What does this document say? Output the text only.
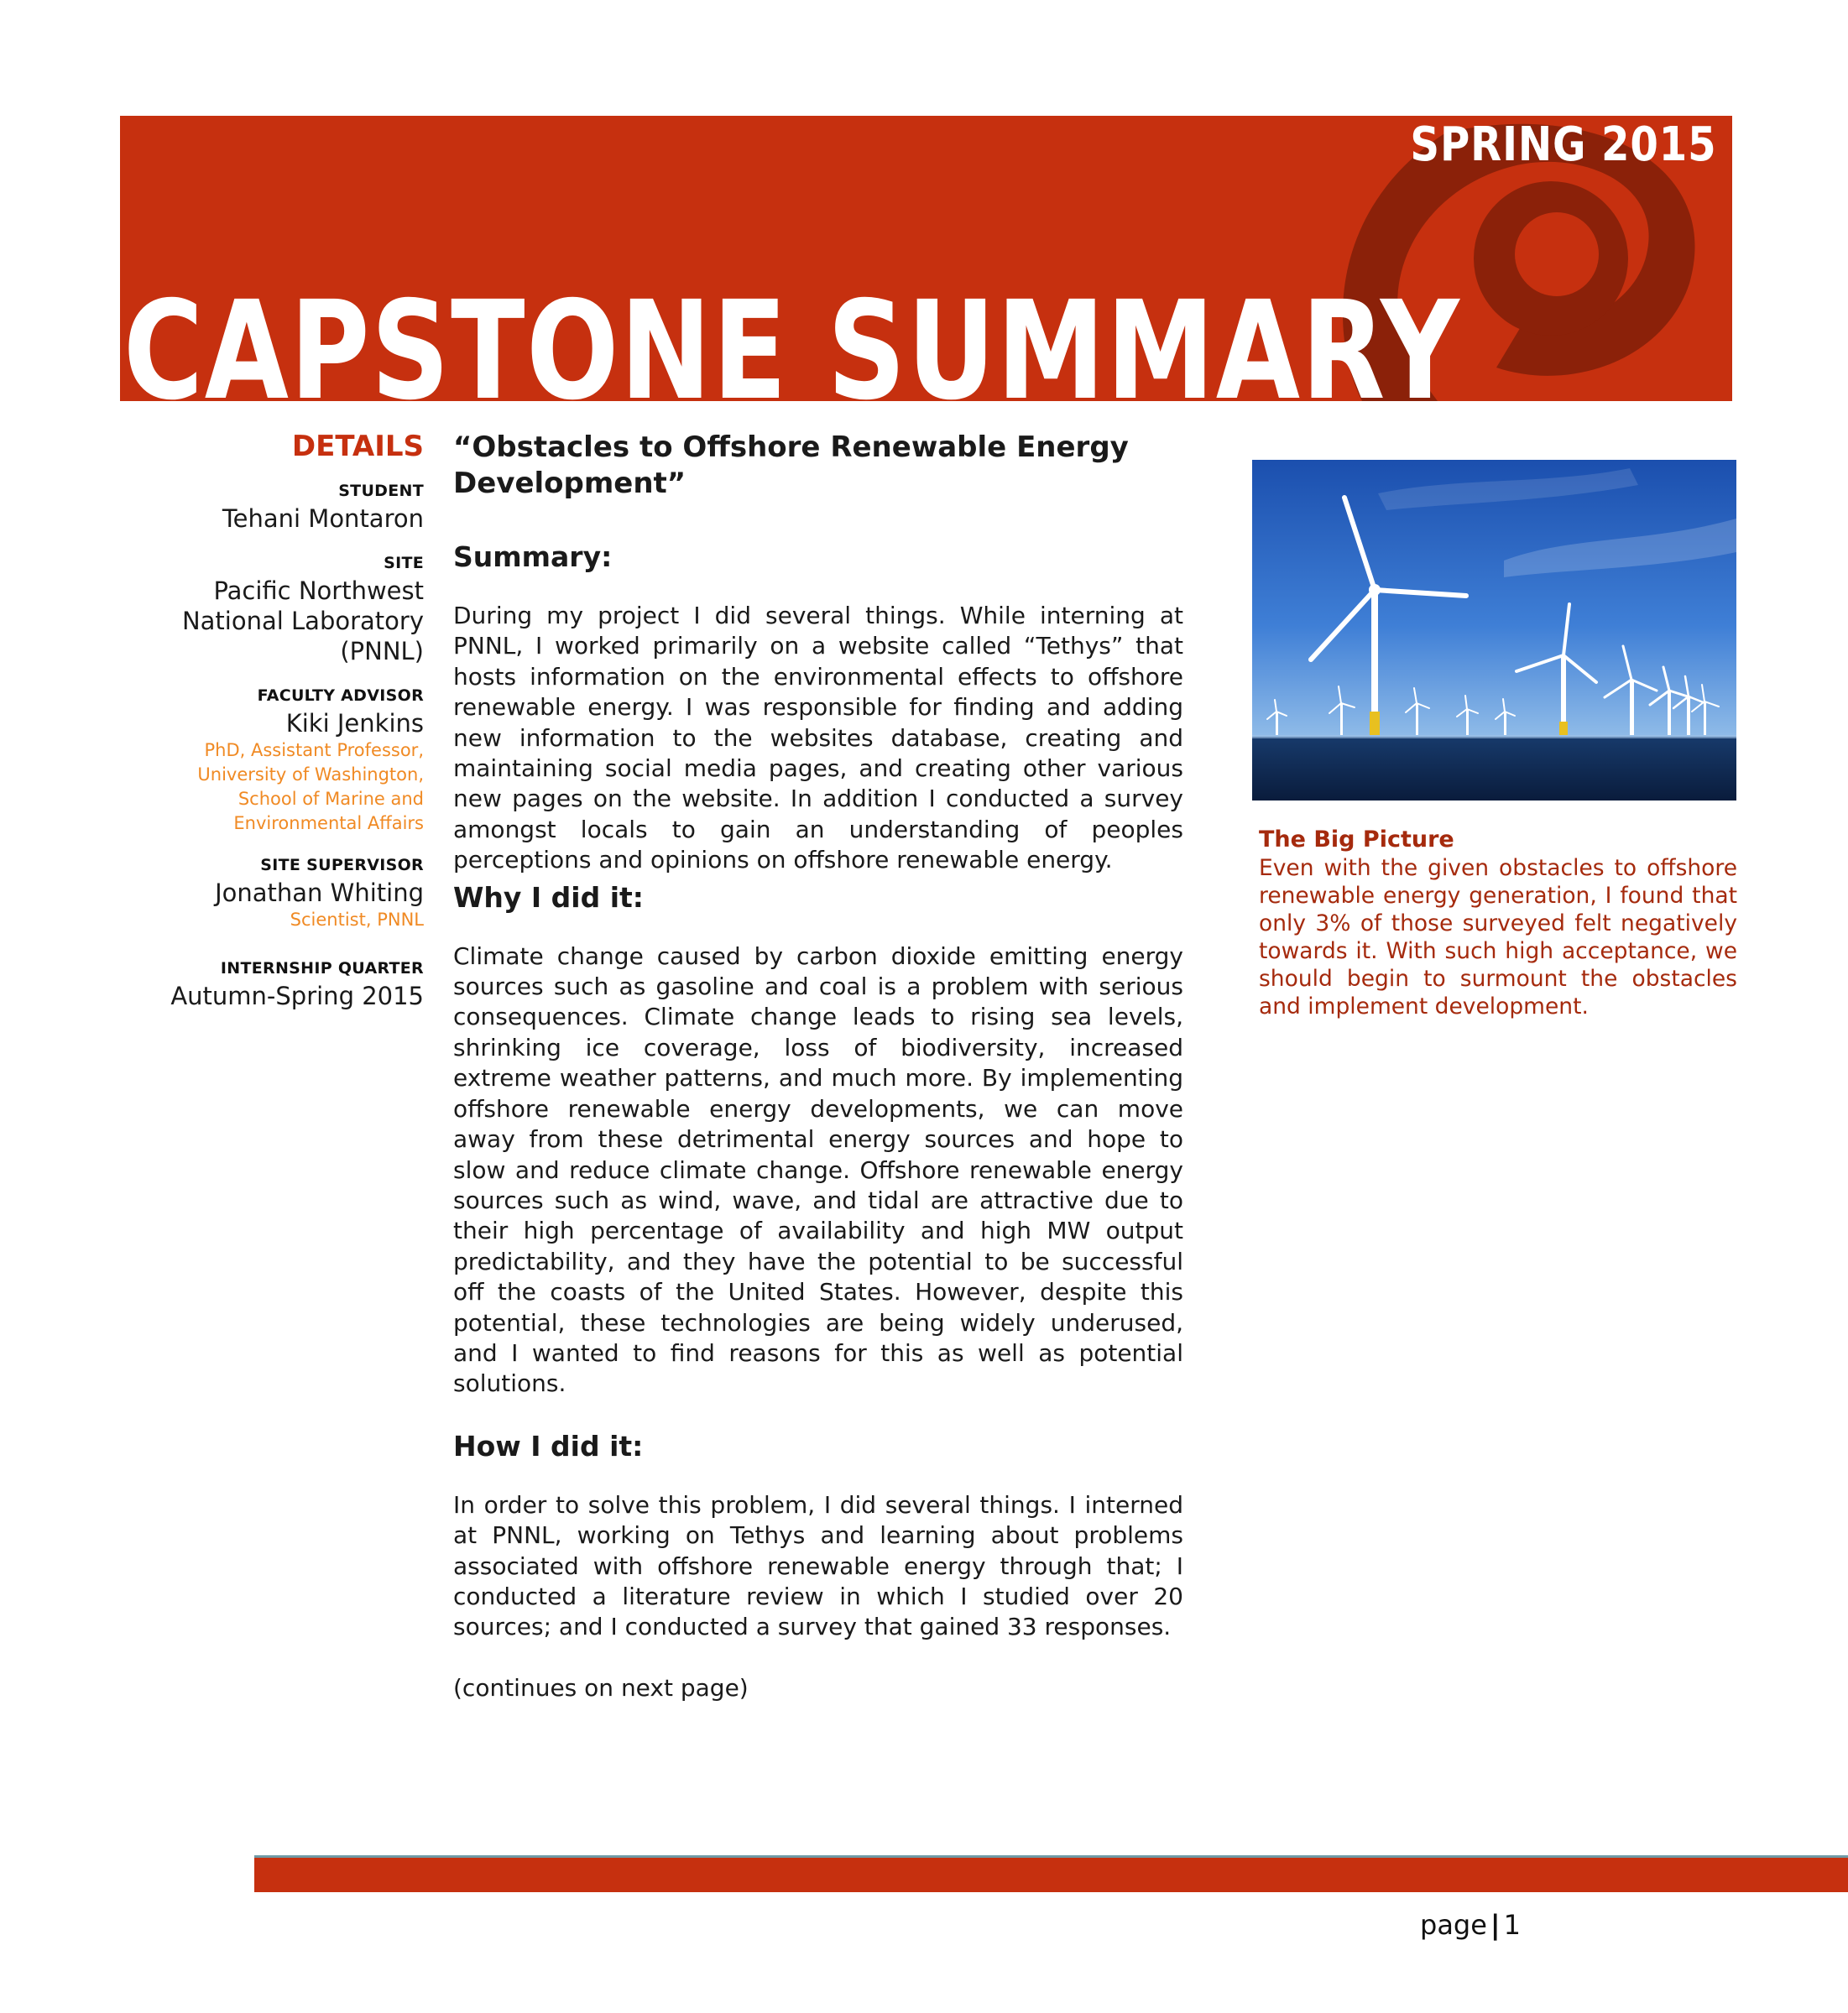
SPRING 2015
CAPSTONE SUMMARY
DETAILS
STUDENT
Tehani Montaron
SITE
Pacific Northwest
National Laboratory
(PNNL)
FACULTY ADVISOR
Kiki Jenkins
PhD, Assistant Professor,
University of Washington,
School of Marine and
Environmental Affairs
SITE SUPERVISOR
Jonathan Whiting
Scientist, PNNL
INTERNSHIP QUARTER
Autumn-Spring 2015
“Obstacles to Offshore Renewable Energy Development”
Summary:

During my project I did several things. While interning at PNNL, I worked primarily on a website called “Tethys” that hosts information on the environmental effects to offshore renewable energy. I was responsible for finding and adding new information to the websites database, creating and maintaining social media pages, and creating other various new pages on the website. In addition I conducted a survey amongst locals to gain an understanding of peoples perceptions and opinions on offshore renewable energy.

Why I did it:

Climate change caused by carbon dioxide emitting energy sources such as gasoline and coal is a problem with serious consequences. Climate change leads to rising sea levels, shrinking ice coverage, loss of biodiversity, increased extreme weather patterns, and much more. By implementing offshore renewable energy developments, we can move away from these detrimental energy sources and hope to slow and reduce climate change. Offshore renewable energy sources such as wind, wave, and tidal are attractive due to their high percentage of availability and high MW output predictability, and they have the potential to be successful off the coasts of the United States. However, despite this potential, these technologies are being widely underused, and I wanted to find reasons for this as well as potential solutions.

How I did it:

In order to solve this problem, I did several things. I interned at PNNL, working on Tethys and learning about problems associated with offshore renewable energy through that; I conducted a literature review in which I studied over 20 sources; and I conducted a survey that gained 33 responses.

(continues on next page)

The Big Picture
Even with the given obstacles to offshore renewable energy generation, I found that only 3% of those surveyed felt negatively towards it. With such high acceptance, we should begin to surmount the obstacles and implement development.
page | 1
